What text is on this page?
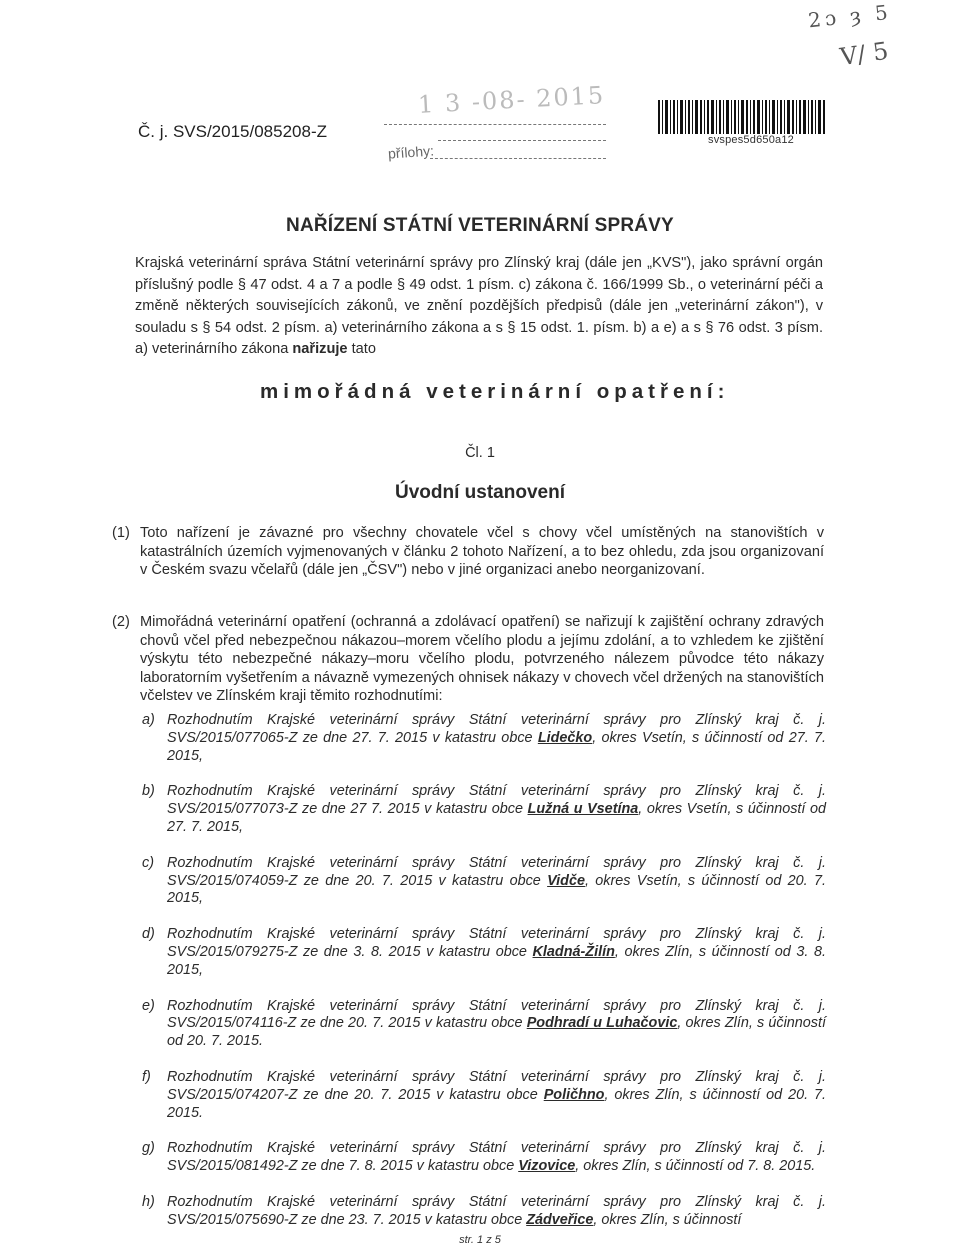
2ɔ ȝ 5
V/ 5
Č. j. SVS/2015/085208-Z
1 3 -08- 2015
přílohy:
svspes5d650a12
NAŘÍZENÍ STÁTNÍ VETERINÁRNÍ SPRÁVY
Krajská veterinární správa Státní veterinární správy pro Zlínský kraj (dále jen „KVS"), jako správní orgán příslušný podle § 47 odst. 4 a 7 a podle § 49 odst. 1 písm. c) zákona č. 166/1999 Sb., o veterinární péči a změně některých souvisejících zákonů, ve znění pozdějších předpisů (dále jen „veterinární zákon"), v souladu s § 54 odst. 2 písm. a) veterinárního zákona a s § 15 odst. 1. písm. b) a e) a s § 76 odst. 3 písm. a) veterinárního zákona nařizuje tato
mimořádná veterinární opatření:
Čl. 1
Úvodní ustanovení
(1) Toto nařízení je závazné pro všechny chovatele včel s chovy včel umístěných na stanovištích v katastrálních územích vyjmenovaných v článku 2 tohoto Nařízení, a to bez ohledu, zda jsou organizovaní v Českém svazu včelařů (dále jen „ČSV") nebo v jiné organizaci anebo neorganizovaní.
(2) Mimořádná veterinární opatření (ochranná a zdolávací opatření) se nařizují k zajištění ochrany zdravých chovů včel před nebezpečnou nákazou–morem včelího plodu a jejímu zdolání, a to vzhledem ke zjištění výskytu této nebezpečné nákazy–moru včelího plodu, potvrzeného nálezem původce této nákazy laboratorním vyšetřením a návazně vymezených ohnisek nákazy v chovech včel držených na stanovištích včelstev ve Zlínském kraji těmito rozhodnutími:
a) Rozhodnutím Krajské veterinární správy Státní veterinární správy pro Zlínský kraj č. j. SVS/2015/077065-Z ze dne 27. 7. 2015 v katastru obce Lidečko, okres Vsetín, s účinností od 27. 7. 2015,
b) Rozhodnutím Krajské veterinární správy Státní veterinární správy pro Zlínský kraj č. j. SVS/2015/077073-Z ze dne 27 7. 2015 v katastru obce Lužná u Vsetína, okres Vsetín, s účinností od 27. 7. 2015,
c) Rozhodnutím Krajské veterinární správy Státní veterinární správy pro Zlínský kraj č. j. SVS/2015/074059-Z ze dne 20. 7. 2015 v katastru obce Vidče, okres Vsetín, s účinností od 20. 7. 2015,
d) Rozhodnutím Krajské veterinární správy Státní veterinární správy pro Zlínský kraj č. j. SVS/2015/079275-Z ze dne 3. 8. 2015 v katastru obce Kladná-Žilín, okres Zlín, s účinností od 3. 8. 2015,
e) Rozhodnutím Krajské veterinární správy Státní veterinární správy pro Zlínský kraj č. j. SVS/2015/074116-Z ze dne 20. 7. 2015 v katastru obce Podhradí u Luhačovic, okres Zlín, s účinností od 20. 7. 2015.
f) Rozhodnutím Krajské veterinární správy Státní veterinární správy pro Zlínský kraj č. j. SVS/2015/074207-Z ze dne 20. 7. 2015 v katastru obce Poličhno, okres Zlín, s účinností od 20. 7. 2015.
g) Rozhodnutím Krajské veterinární správy Státní veterinární správy pro Zlínský kraj č. j. SVS/2015/081492-Z ze dne 7. 8. 2015 v katastru obce Vizovice, okres Zlín, s účinností od 7. 8. 2015.
h) Rozhodnutím Krajské veterinární správy Státní veterinární správy pro Zlínský kraj č. j. SVS/2015/075690-Z ze dne 23. 7. 2015 v katastru obce Zádveřice, okres Zlín, s účinností
str. 1 z 5
